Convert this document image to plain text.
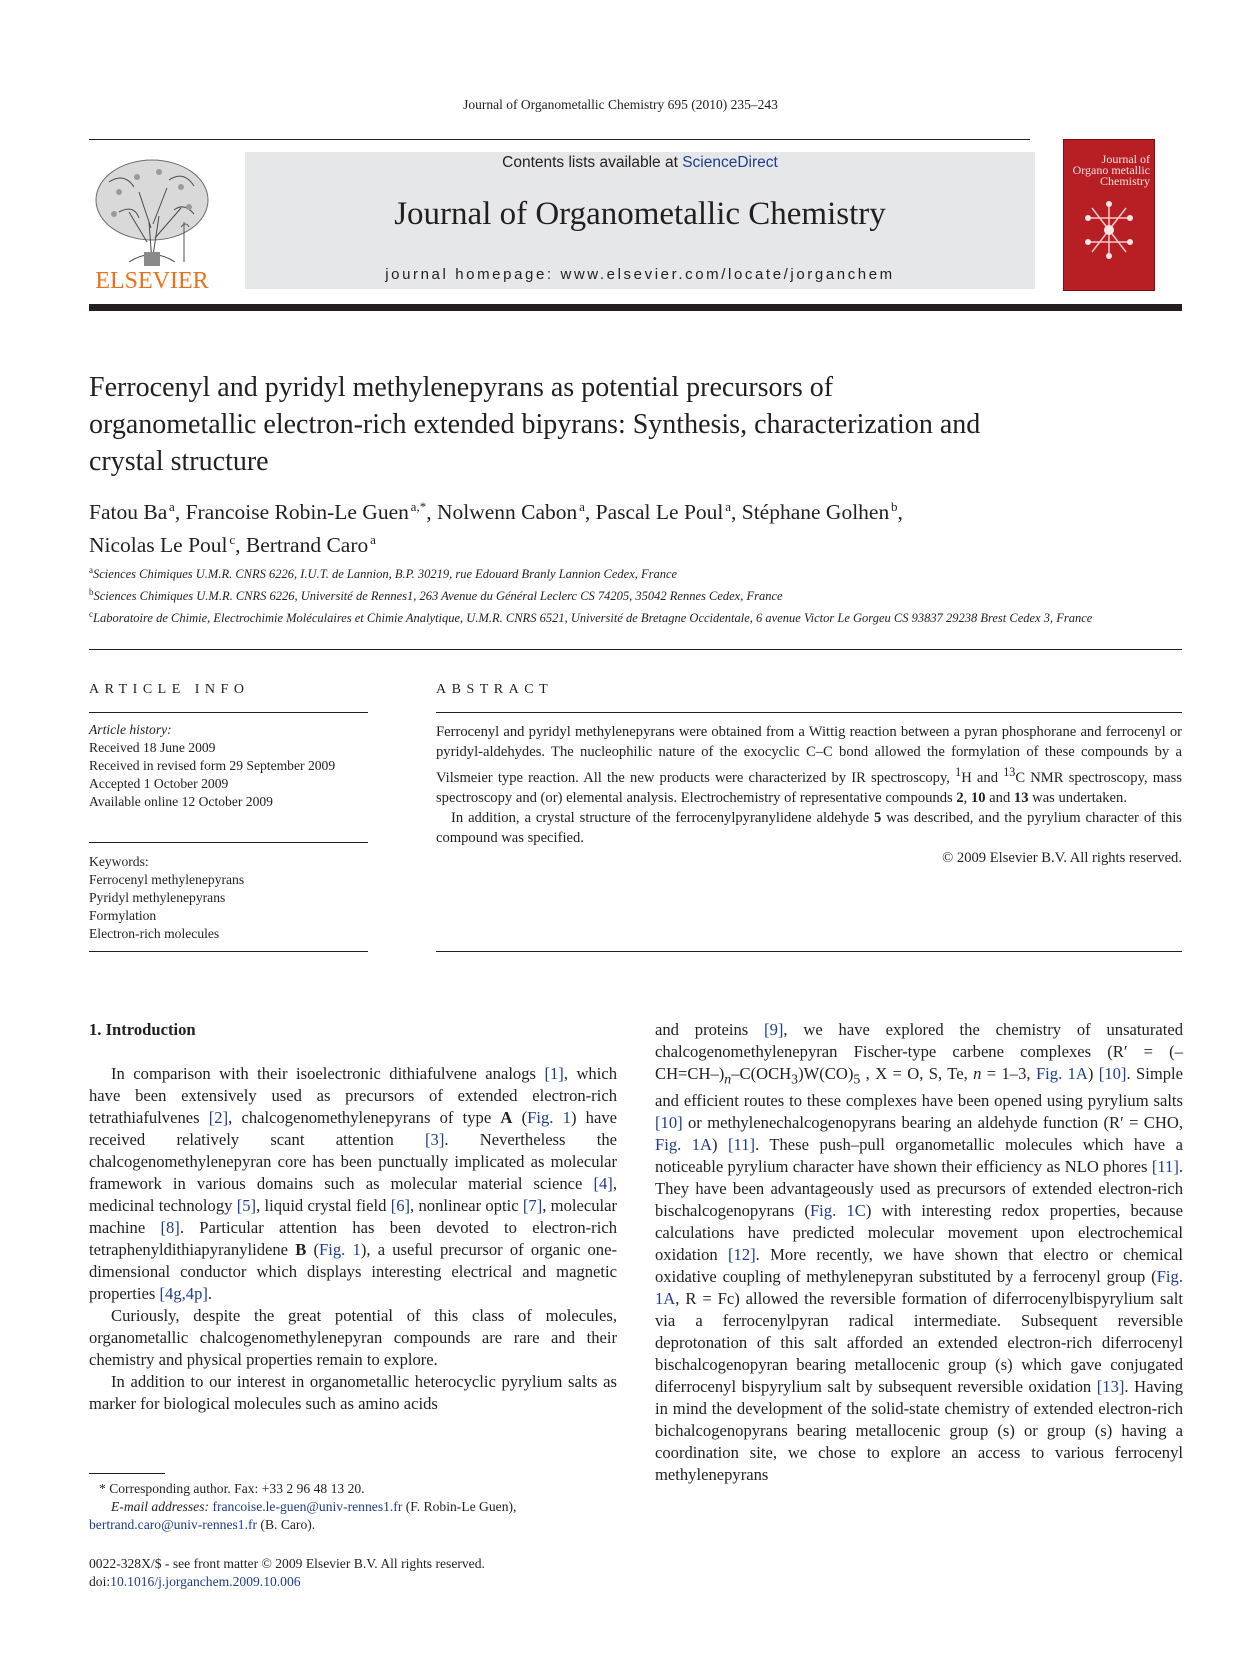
Journal of Organometallic Chemistry 695 (2010) 235–243
ELSEVIER
Contents lists available at ScienceDirect
Journal of Organometallic Chemistry
journal homepage: www.elsevier.com/locate/jorganchem
Journal of Organo metallic Chemistry
Ferrocenyl and pyridyl methylenepyrans as potential precursors of organometallic electron-rich extended bipyrans: Synthesis, characterization and crystal structure
Fatou Ba  $^a$, Francoise Robin-Le Guen  $^{a,*}$, Nolwenn Cabon  $^a$, Pascal Le Poul  $^a$, Stéphane Golhen  $^b$,
Nicolas Le Poul  $^c$, Bertrand Caro  $^a$
$^a$Sciences Chimiques U.M.R. CNRS 6226, I.U.T. de Lannion, B.P. 30219, rue Edouard Branly Lannion Cedex, France
$^b$Sciences Chimiques U.M.R. CNRS 6226, Université de Rennes1, 263 Avenue du Général Leclerc CS 74205, 35042 Rennes Cedex, France
$^c$Laboratoire de Chimie, Electrochimie Moléculaires et Chimie Analytique, U.M.R. CNRS 6521, Université de Bretagne Occidentale, 6 avenue Victor Le Gorgeu CS 93837 29238 Brest Cedex 3, France
ARTICLE INFO	ABSTRACT
Article history:
Received 18 June 2009
Received in revised form 29 September 2009
Accepted 1 October 2009
Available online 12 October 2009
Keywords:
Ferrocenyl methylenepyrans
Pyridyl methylenepyrans
Formylation
Electron-rich molecules

Ferrocenyl and pyridyl methylenepyrans were obtained from a Wittig reaction between a pyran phosphorane and ferrocenyl or pyridyl-aldehydes. The nucleophilic nature of the exocyclic C–C bond allowed the formylation of these compounds by a Vilsmeier type reaction. All the new products were characterized by IR spectroscopy, $^1$H and $^{13}$C NMR spectroscopy, mass spectroscopy and (or) elemental analysis. Electrochemistry of representative compounds 2, 10 and 13 was undertaken.

In addition, a crystal structure of the ferrocenylpyranylidene aldehyde 5 was described, and the pyrylium character of this compound was specified.

© 2009 Elsevier B.V. All rights reserved.

1. Introduction

In comparison with their isoelectronic dithiafulvene analogs [1], which have been extensively used as precursors of extended electron-rich tetrathiafulvenes [2], chalcogenomethylenepyrans of type A (Fig. 1) have received relatively scant attention [3]. Nevertheless the chalcogenomethylenepyran core has been punctually implicated as molecular framework in various domains such as molecular material science [4], medicinal technology [5], liquid crystal field [6], nonlinear optic [7], molecular machine [8]. Particular attention has been devoted to electron-rich tetraphenyldithiapyranylidene B (Fig. 1), a useful precursor of organic one-dimensional conductor which displays interesting electrical and magnetic properties [4g,4p].

Curiously, despite the great potential of this class of molecules, organometallic chalcogenomethylenepyran compounds are rare and their chemistry and physical properties remain to explore.

In addition to our interest in organometallic heterocyclic pyrylium salts as marker for biological molecules such as amino acids

and proteins [9], we have explored the chemistry of unsaturated chalcogenomethylenepyran Fischer-type carbene complexes ($R' = (-CH=CH-)_n-C(OCH_3)W(CO)_5$ , X = O, S, Te, n = 1–3, Fig. 1A) [10]. Simple and efficient routes to these complexes have been opened using pyrylium salts [10] or methylenechalcogenopyrans bearing an aldehyde function (R′ = CHO, Fig. 1A) [11]. These push–pull organometallic molecules which have a noticeable pyrylium character have shown their efficiency as NLO phores [11]. They have been advantageously used as precursors of extended electron-rich bischalcogenopyrans (Fig. 1C) with interesting redox properties, because calculations have predicted molecular movement upon electrochemical oxidation [12]. More recently, we have shown that electro or chemical oxidative coupling of methylenepyran substituted by a ferrocenyl group (Fig. 1A, R = Fc) allowed the reversible formation of diferrocenylbispyrylium salt via a ferrocenylpyran radical intermediate. Subsequent reversible deprotonation of this salt afforded an extended electron-rich diferrocenyl bischalcogenopyran bearing metallocenic group (s) which gave conjugated diferrocenyl bispyrylium salt by subsequent reversible oxidation [13]. Having in mind the development of the solid-state chemistry of extended electron-rich bichalcogenopyrans bearing metallocenic group (s) or group (s) having a coordination site, we chose to explore an access to various ferrocenyl methylenepyrans

* Corresponding author. Fax: +33 2 96 48 13 20.

E-mail addresses: francoise.le-guen@univ-rennes1.fr (F. Robin-Le Guen), bertrand.caro@univ-rennes1.fr (B. Caro).

0022-328X/$ - see front matter © 2009 Elsevier B.V. All rights reserved.
doi:10.1016/j.jorganchem.2009.10.006
